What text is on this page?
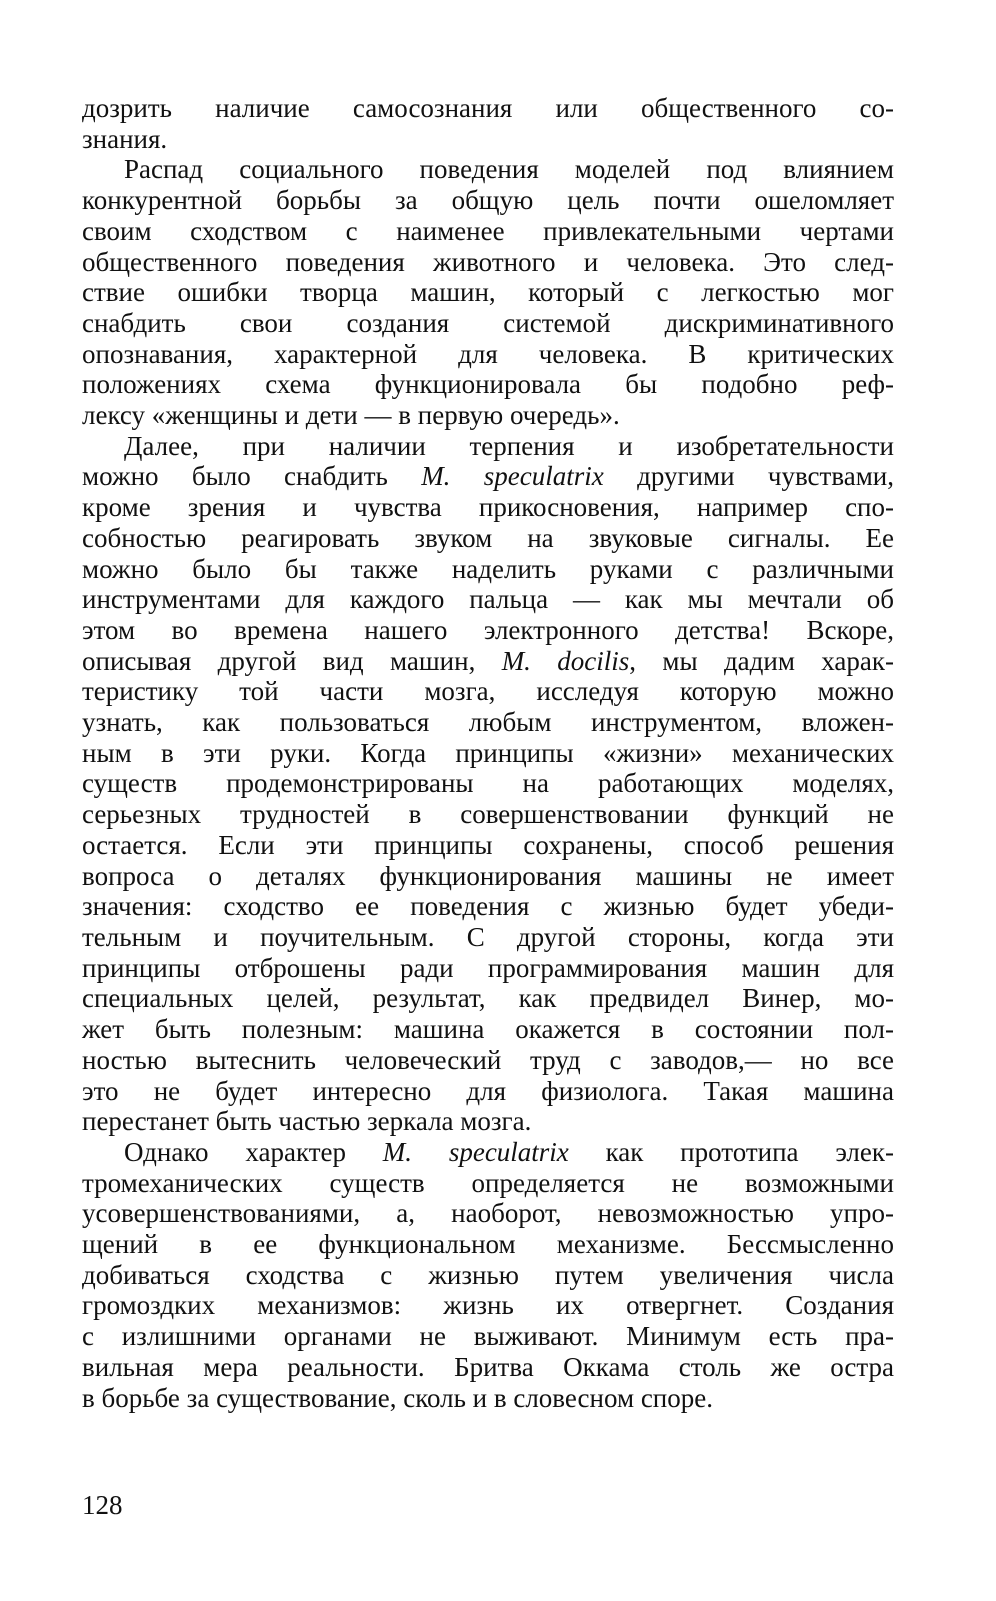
дозрить наличие самосознания или общественного со-
знания.
Распад социального поведения моделей под влиянием
конкурентной борьбы за общую цель почти ошеломляет
своим сходством с наименее привлекательными чертами
общественного поведения животного и человека. Это след-
ствие ошибки творца машин, который с легкостью мог
снабдить свои создания системой дискриминативного
опознавания, характерной для человека. В критических
положениях схема функционировала бы подобно реф-
лексу «женщины и дети — в первую очередь».
Далее, при наличии терпения и изобретательности
можно было снабдить M. speculatrix другими чувствами,
кроме зрения и чувства прикосновения, например спо-
собностью реагировать звуком на звуковые сигналы. Ее
можно было бы также наделить руками с различными
инструментами для каждого пальца — как мы мечтали об
этом во времена нашего электронного детства! Вскоре,
описывая другой вид машин, M. docilis, мы дадим харак-
теристику той части мозга, исследуя которую можно
узнать, как пользоваться любым инструментом, вложен-
ным в эти руки. Когда принципы «жизни» механических
существ продемонстрированы на работающих моделях,
серьезных трудностей в совершенствовании функций не
остается. Если эти принципы сохранены, способ решения
вопроса о деталях функционирования машины не имеет
значения: сходство ее поведения с жизнью будет убеди-
тельным и поучительным. С другой стороны, когда эти
принципы отброшены ради программирования машин для
специальных целей, результат, как предвидел Винер, мо-
жет быть полезным: машина окажется в состоянии пол-
ностью вытеснить человеческий труд с заводов,— но все
это не будет интересно для физиолога. Такая машина
перестанет быть частью зеркала мозга.
Однако характер M. speculatrix как прототипа элек-
тромеханических существ определяется не возможными
усовершенствованиями, а, наоборот, невозможностью упро-
щений в ее функциональном механизме. Бессмысленно
добиваться сходства с жизнью путем увеличения числа
громоздких механизмов: жизнь их отвергнет. Создания
с излишними органами не выживают. Минимум есть пра-
вильная мера реальности. Бритва Оккама столь же остра
в борьбе за существование, сколь и в словесном споре.
128
